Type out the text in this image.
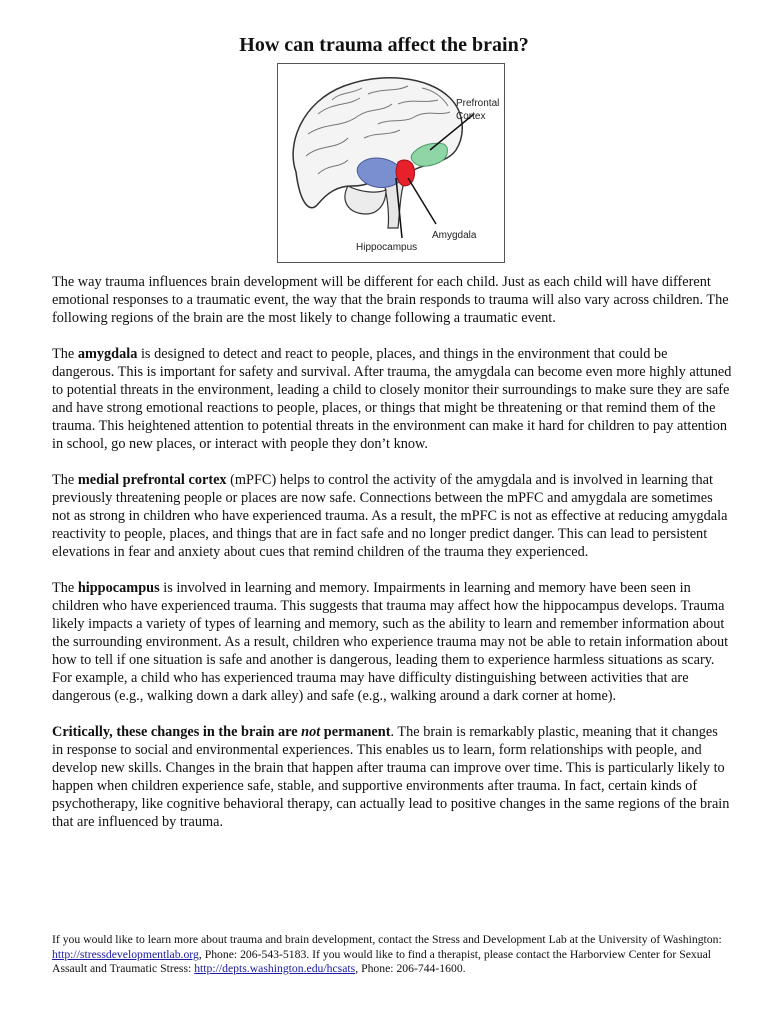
How can trauma affect the brain?
Prefrontal
Cortex
Amygdala
Hippocampus

The way trauma influences brain development will be different for each child. Just as each child will have different emotional responses to a traumatic event, the way that the brain responds to trauma will also vary across children. The following regions of the brain are the most likely to change following a traumatic event.

The amygdala is designed to detect and react to people, places, and things in the environment that could be dangerous. This is important for safety and survival. After trauma, the amygdala can become even more highly attuned to potential threats in the environment, leading a child to closely monitor their surroundings to make sure they are safe and have strong emotional reactions to people, places, or things that might be threatening or that remind them of the trauma. This heightened attention to potential threats in the environment can make it hard for children to pay attention in school, go new places, or interact with people they don’t know.

The medial prefrontal cortex (mPFC) helps to control the activity of the amygdala and is involved in learning that previously threatening people or places are now safe. Connections between the mPFC and amygdala are sometimes not as strong in children who have experienced trauma. As a result, the mPFC is not as effective at reducing amygdala reactivity to people, places, and things that are in fact safe and no longer predict danger. This can lead to persistent elevations in fear and anxiety about cues that remind children of the trauma they experienced.

The hippocampus is involved in learning and memory. Impairments in learning and memory have been seen in children who have experienced trauma. This suggests that trauma may affect how the hippocampus develops. Trauma likely impacts a variety of types of learning and memory, such as the ability to learn and remember information about the surrounding environment. As a result, children who experience trauma may not be able to retain information about how to tell if one situation is safe and another is dangerous, leading them to experience harmless situations as scary. For example, a child who has experienced trauma may have difficulty distinguishing between activities that are dangerous (e.g., walking down a dark alley) and safe (e.g., walking around a dark corner at home).

Critically, these changes in the brain are not permanent. The brain is remarkably plastic, meaning that it changes in response to social and environmental experiences. This enables us to learn, form relationships with people, and develop new skills. Changes in the brain that happen after trauma can improve over time. This is particularly likely to happen when children experience safe, stable, and supportive environments after trauma. In fact, certain kinds of psychotherapy, like cognitive behavioral therapy, can actually lead to positive changes in the same regions of the brain that are influenced by trauma.

If you would like to learn more about trauma and brain development, contact the Stress and Development Lab at the University of Washington: http://stressdevelopmentlab.org, Phone: 206-543-5183. If you would like to find a therapist, please contact the Harborview Center for Sexual Assault and Traumatic Stress: http://depts.washington.edu/hcsats, Phone: 206-744-1600.
